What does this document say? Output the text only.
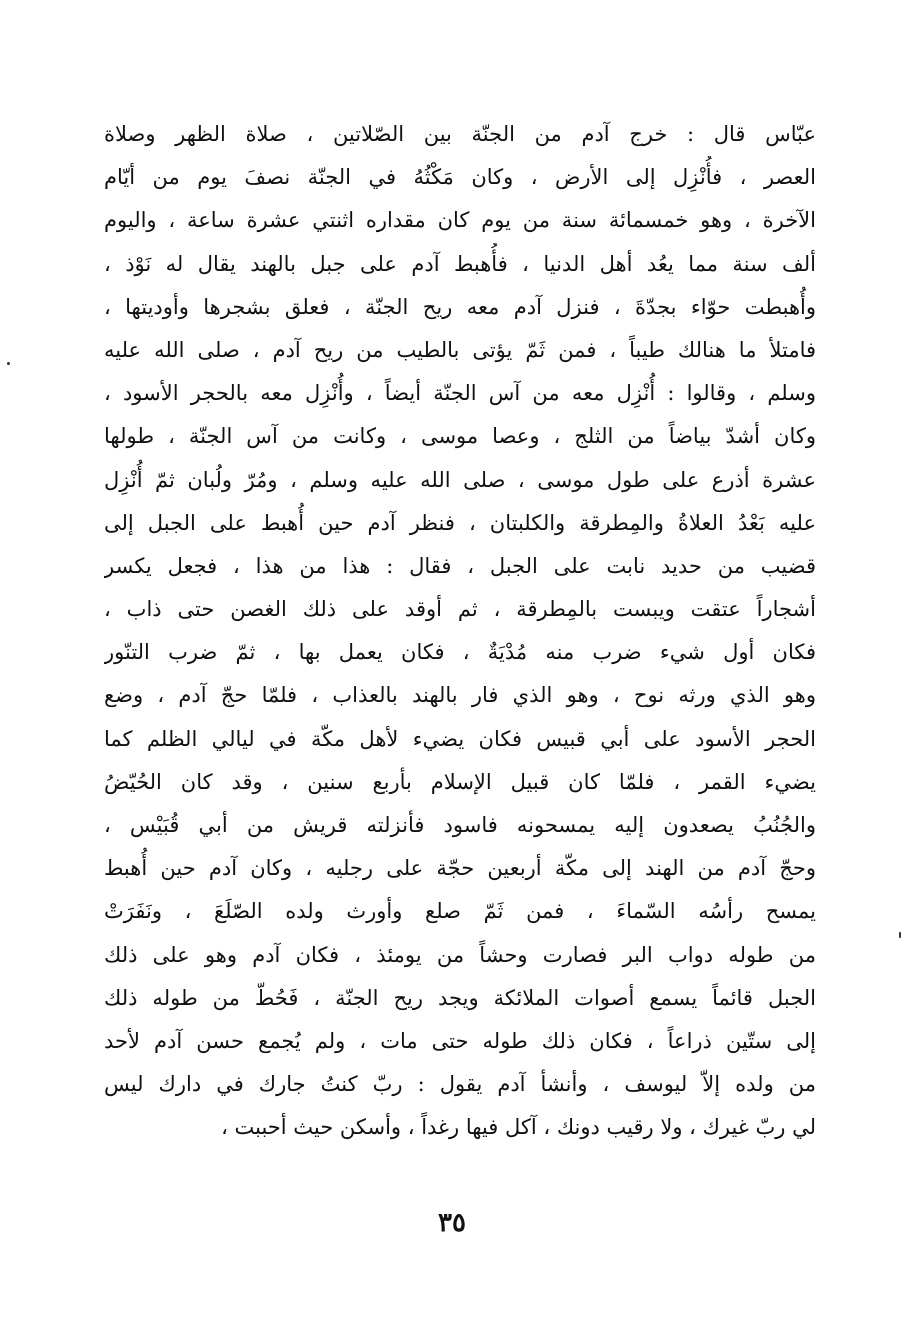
عبّاس قال : خرج آدم من الجنّة بين الصّلاتين ، صلاة الظهر وصلاة
العصر ، فأُنْزِل إلى الأرض ، وكان مَكْثُهُ في الجنّة نصفَ يوم من أيّام
الآخرة ، وهو خمسمائة سنة من يوم كان مقداره اثنتي عشرة ساعة ، واليوم
ألف سنة مما يعُد أهل الدنيا ، فأُهبط آدم على جبل بالهند يقال له نَوْذ ،
وأُهبطت حوّاء بجدّةَ ، فنزل آدم معه ريح الجنّة ، فعلق بشجرها وأوديتها ،
فامتلأ ما هنالك طيباً ، فمن ثَمّ يؤتى بالطيب من ريح آدم ، صلى الله عليه
وسلم ، وقالوا : أُنْزِل معه من آس الجنّة أيضاً ، وأُنْزِل معه بالحجر الأسود ،
وكان أشدّ بياضاً من الثلج ، وعصا موسى ، وكانت من آس الجنّة ، طولها
عشرة أذرع على طول موسى ، صلى الله عليه وسلم ، ومُرّ ولُبان ثمّ أُنْزِل
عليه بَعْدُ العلاةُ والمِطرقة والكلبتان ، فنظر آدم حين أُهبط على الجبل إلى
قضيب من حديد نابت على الجبل ، فقال : هذا من هذا ، فجعل يكسر
أشجاراً عتقت ويبست بالمِطرقة ، ثم أوقد على ذلك الغصن حتى ذاب ،
فكان أول شيء ضرب منه مُدْيَةٌ ، فكان يعمل بها ، ثمّ ضرب التنّور
وهو الذي ورثه نوح ، وهو الذي فار بالهند بالعذاب ، فلمّا حجّ آدم ، وضع
الحجر الأسود على أبي قبيس فكان يضيء لأهل مكّة في ليالي الظلم كما
يضيء القمر ، فلمّا كان قبيل الإسلام بأربع سنين ، وقد كان الحُيّضُ
والجُنُبُ يصعدون إليه يمسحونه فاسود فأنزلته قريش من أبي قُبَيْس ،
وحجّ آدم من الهند إلى مكّة أربعين حجّة على رجليه ، وكان آدم حين أُهبط
يمسح رأسُه السّماءَ ، فمن ثَمّ صلع وأورث ولده الصّلَعَ ، ونَفَرَتْ
من طوله دواب البر فصارت وحشاً من يومئذ ، فكان آدم وهو على ذلك
الجبل قائماً يسمع أصوات الملائكة ويجد ريح الجنّة ، فَحُطّ من طوله ذلك
إلى ستّين ذراعاً ، فكان ذلك طوله حتى مات ، ولم يُجمع حسن آدم لأحد
من ولده إلاّ ليوسف ، وأنشأ آدم يقول : ربّ كنتُ جارك في دارك ليس
لي ربّ غيرك ، ولا رقيب دونك ، آكل فيها رغداً ، وأسكن حيث أحببت ،
٣٥
